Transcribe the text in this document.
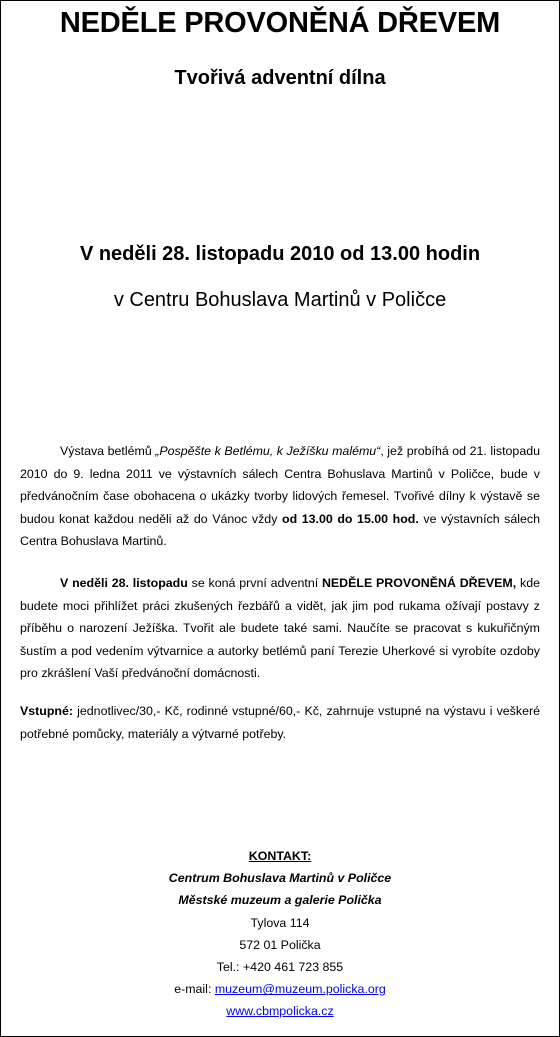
NEDĚLE PROVONĚNÁ DŘEVEM
Tvořivá adventní dílna

V neděli 28. listopadu 2010 od 13.00 hodin

v Centru Bohuslava Martinů v Poličce

Výstava betlémů „Pospěšte k Betlému, k Ježíšku malému“, jež probíhá od 21. listopadu 2010 do 9. ledna 2011 ve výstavních sálech Centra Bohuslava Martinů v Poličce, bude v předvánočním čase obohacena o ukázky tvorby lidových řemesel. Tvořivé dílny k výstavě se budou konat každou neděli až do Vánoc vždy od 13.00 do 15.00 hod. ve výstavních sálech Centra Bohuslava Martinů.

V neděli 28. listopadu se koná první adventní NEDĚLE PROVONĚNÁ DŘEVEM, kde budete moci přihlížet práci zkušených řezbářů a vidět, jak jim pod rukama ožívají postavy z příběhu o narození Ježíška. Tvořit ale budete také sami. Naučíte se pracovat s kukuřičným šustím a pod vedením výtvarnice a autorky betlémů paní Terezie Uherkové si vyrobíte ozdoby pro zkrášlení Vaší předvánoční domácnosti.

Vstupné: jednotlivec/30,- Kč, rodinné vstupné/60,- Kč, zahrnuje vstupné na výstavu i veškeré potřebné pomůcky, materiály a výtvarné potřeby.

KONTAKT:
Centrum Bohuslava Martinů v Poličce
Městské muzeum a galerie Polička
Tylova 114
572 01 Polička
Tel.: +420 461 723 855
e-mail: muzeum@muzeum.policka.org
www.cbmpolicka.cz
